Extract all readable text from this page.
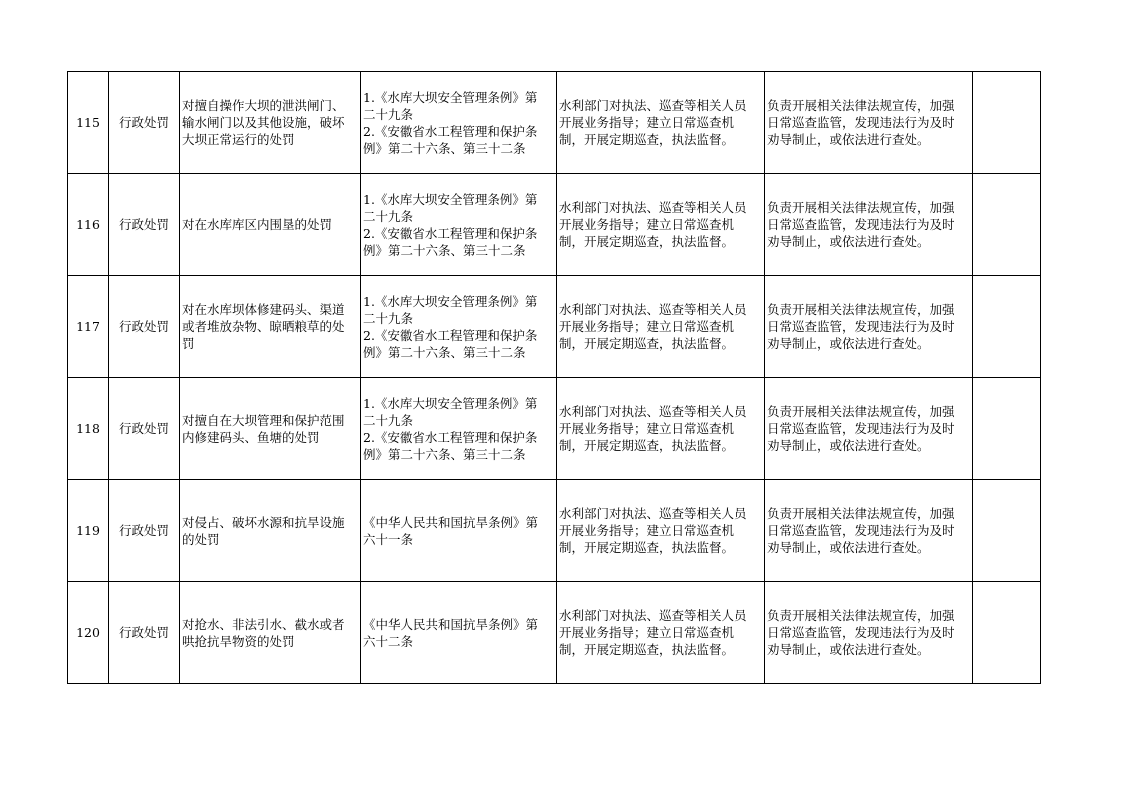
115	行政处罚	对擅自操作大坝的泄洪闸门、
输水闸门以及其他设施，破坏
大坝正常运行的处罚	1.《水库大坝安全管理条例》第
二十九条
2.《安徽省水工程管理和保护条
例》第二十六条、第三十二条	水利部门对执法、巡查等相关人员
开展业务指导；建立日常巡查机
制，开展定期巡查，执法监督。	负责开展相关法律法规宣传，加强
日常巡查监管，发现违法行为及时
劝导制止，或依法进行查处。	

116	行政处罚	对在水库库区内围垦的处罚	1.《水库大坝安全管理条例》第
二十九条
2.《安徽省水工程管理和保护条
例》第二十六条、第三十二条	水利部门对执法、巡查等相关人员
开展业务指导；建立日常巡查机
制，开展定期巡查，执法监督。	负责开展相关法律法规宣传，加强
日常巡查监管，发现违法行为及时
劝导制止，或依法进行查处。	

117	行政处罚	对在水库坝体修建码头、渠道
或者堆放杂物、晾晒粮草的处
罚	1.《水库大坝安全管理条例》第
二十九条
2.《安徽省水工程管理和保护条
例》第二十六条、第三十二条	水利部门对执法、巡查等相关人员
开展业务指导；建立日常巡查机
制，开展定期巡查，执法监督。	负责开展相关法律法规宣传，加强
日常巡查监管，发现违法行为及时
劝导制止，或依法进行查处。	

118	行政处罚	对擅自在大坝管理和保护范围
内修建码头、鱼塘的处罚	1.《水库大坝安全管理条例》第
二十九条
2.《安徽省水工程管理和保护条
例》第二十六条、第三十二条	水利部门对执法、巡查等相关人员
开展业务指导；建立日常巡查机
制，开展定期巡查，执法监督。	负责开展相关法律法规宣传，加强
日常巡查监管，发现违法行为及时
劝导制止，或依法进行查处。	

119	行政处罚	对侵占、破坏水源和抗旱设施
的处罚	《中华人民共和国抗旱条例》第
六十一条	水利部门对执法、巡查等相关人员
开展业务指导；建立日常巡查机
制，开展定期巡查，执法监督。	负责开展相关法律法规宣传，加强
日常巡查监管，发现违法行为及时
劝导制止，或依法进行查处。	

120	行政处罚	对抢水、非法引水、截水或者
哄抢抗旱物资的处罚	《中华人民共和国抗旱条例》第
六十二条	水利部门对执法、巡查等相关人员
开展业务指导；建立日常巡查机
制，开展定期巡查，执法监督。	负责开展相关法律法规宣传，加强
日常巡查监管，发现违法行为及时
劝导制止，或依法进行查处。	
